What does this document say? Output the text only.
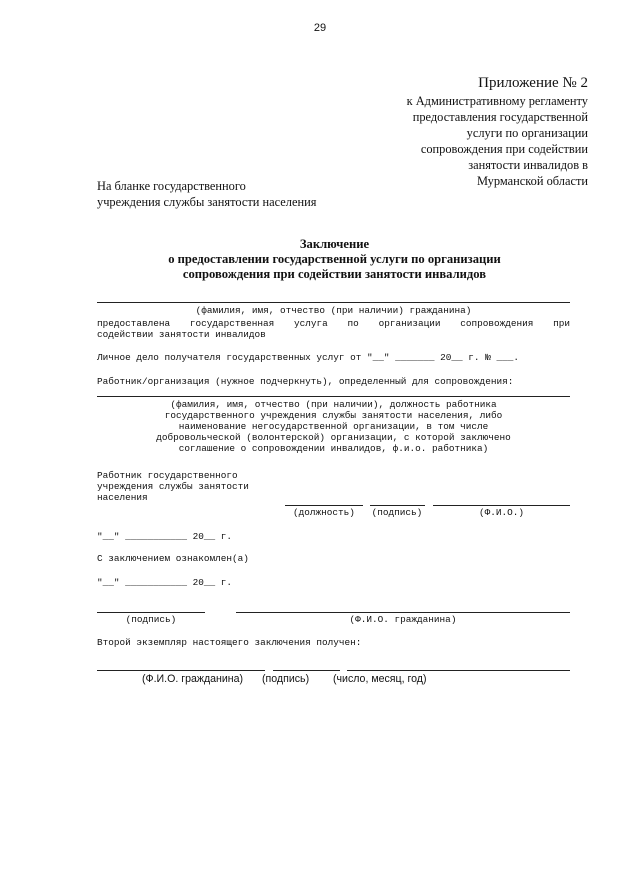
29
Приложение № 2
к Административному регламенту
предоставления государственной
услуги по организации
сопровождения при содействии
занятости инвалидов в
Мурманской области
На бланке государственного
учреждения службы занятости населения
Заключение
о предоставлении государственной услуги по организации
сопровождения при содействии занятости инвалидов
(фамилия, имя, отчество (при наличии) гражданина)
предоставлена государственная услуга по организации сопровождения при
содействии занятости инвалидов
Личное дело получателя государственных услуг от "__" _______ 20__ г. № ___.
Работник/организация (нужное подчеркнуть), определенный для сопровождения:
(фамилия, имя, отчество (при наличии), должность работника
государственного учреждения службы занятости населения, либо
наименование негосударственной организации, в том числе
добровольческой (волонтерской) организации, с которой заключено
соглашение о сопровождении инвалидов, ф.и.о. работника)
Работник государственного
учреждения службы занятости
населения
(должность)	(подпись)	(Ф.И.О.)
"__" ___________ 20__ г.
С заключением ознакомлен(а)
"__" ___________ 20__ г.
(подпись)	(Ф.И.О. гражданина)
Второй экземпляр настоящего заключения получен:
(Ф.И.О. гражданина) (подпись) (число, месяц, год)
